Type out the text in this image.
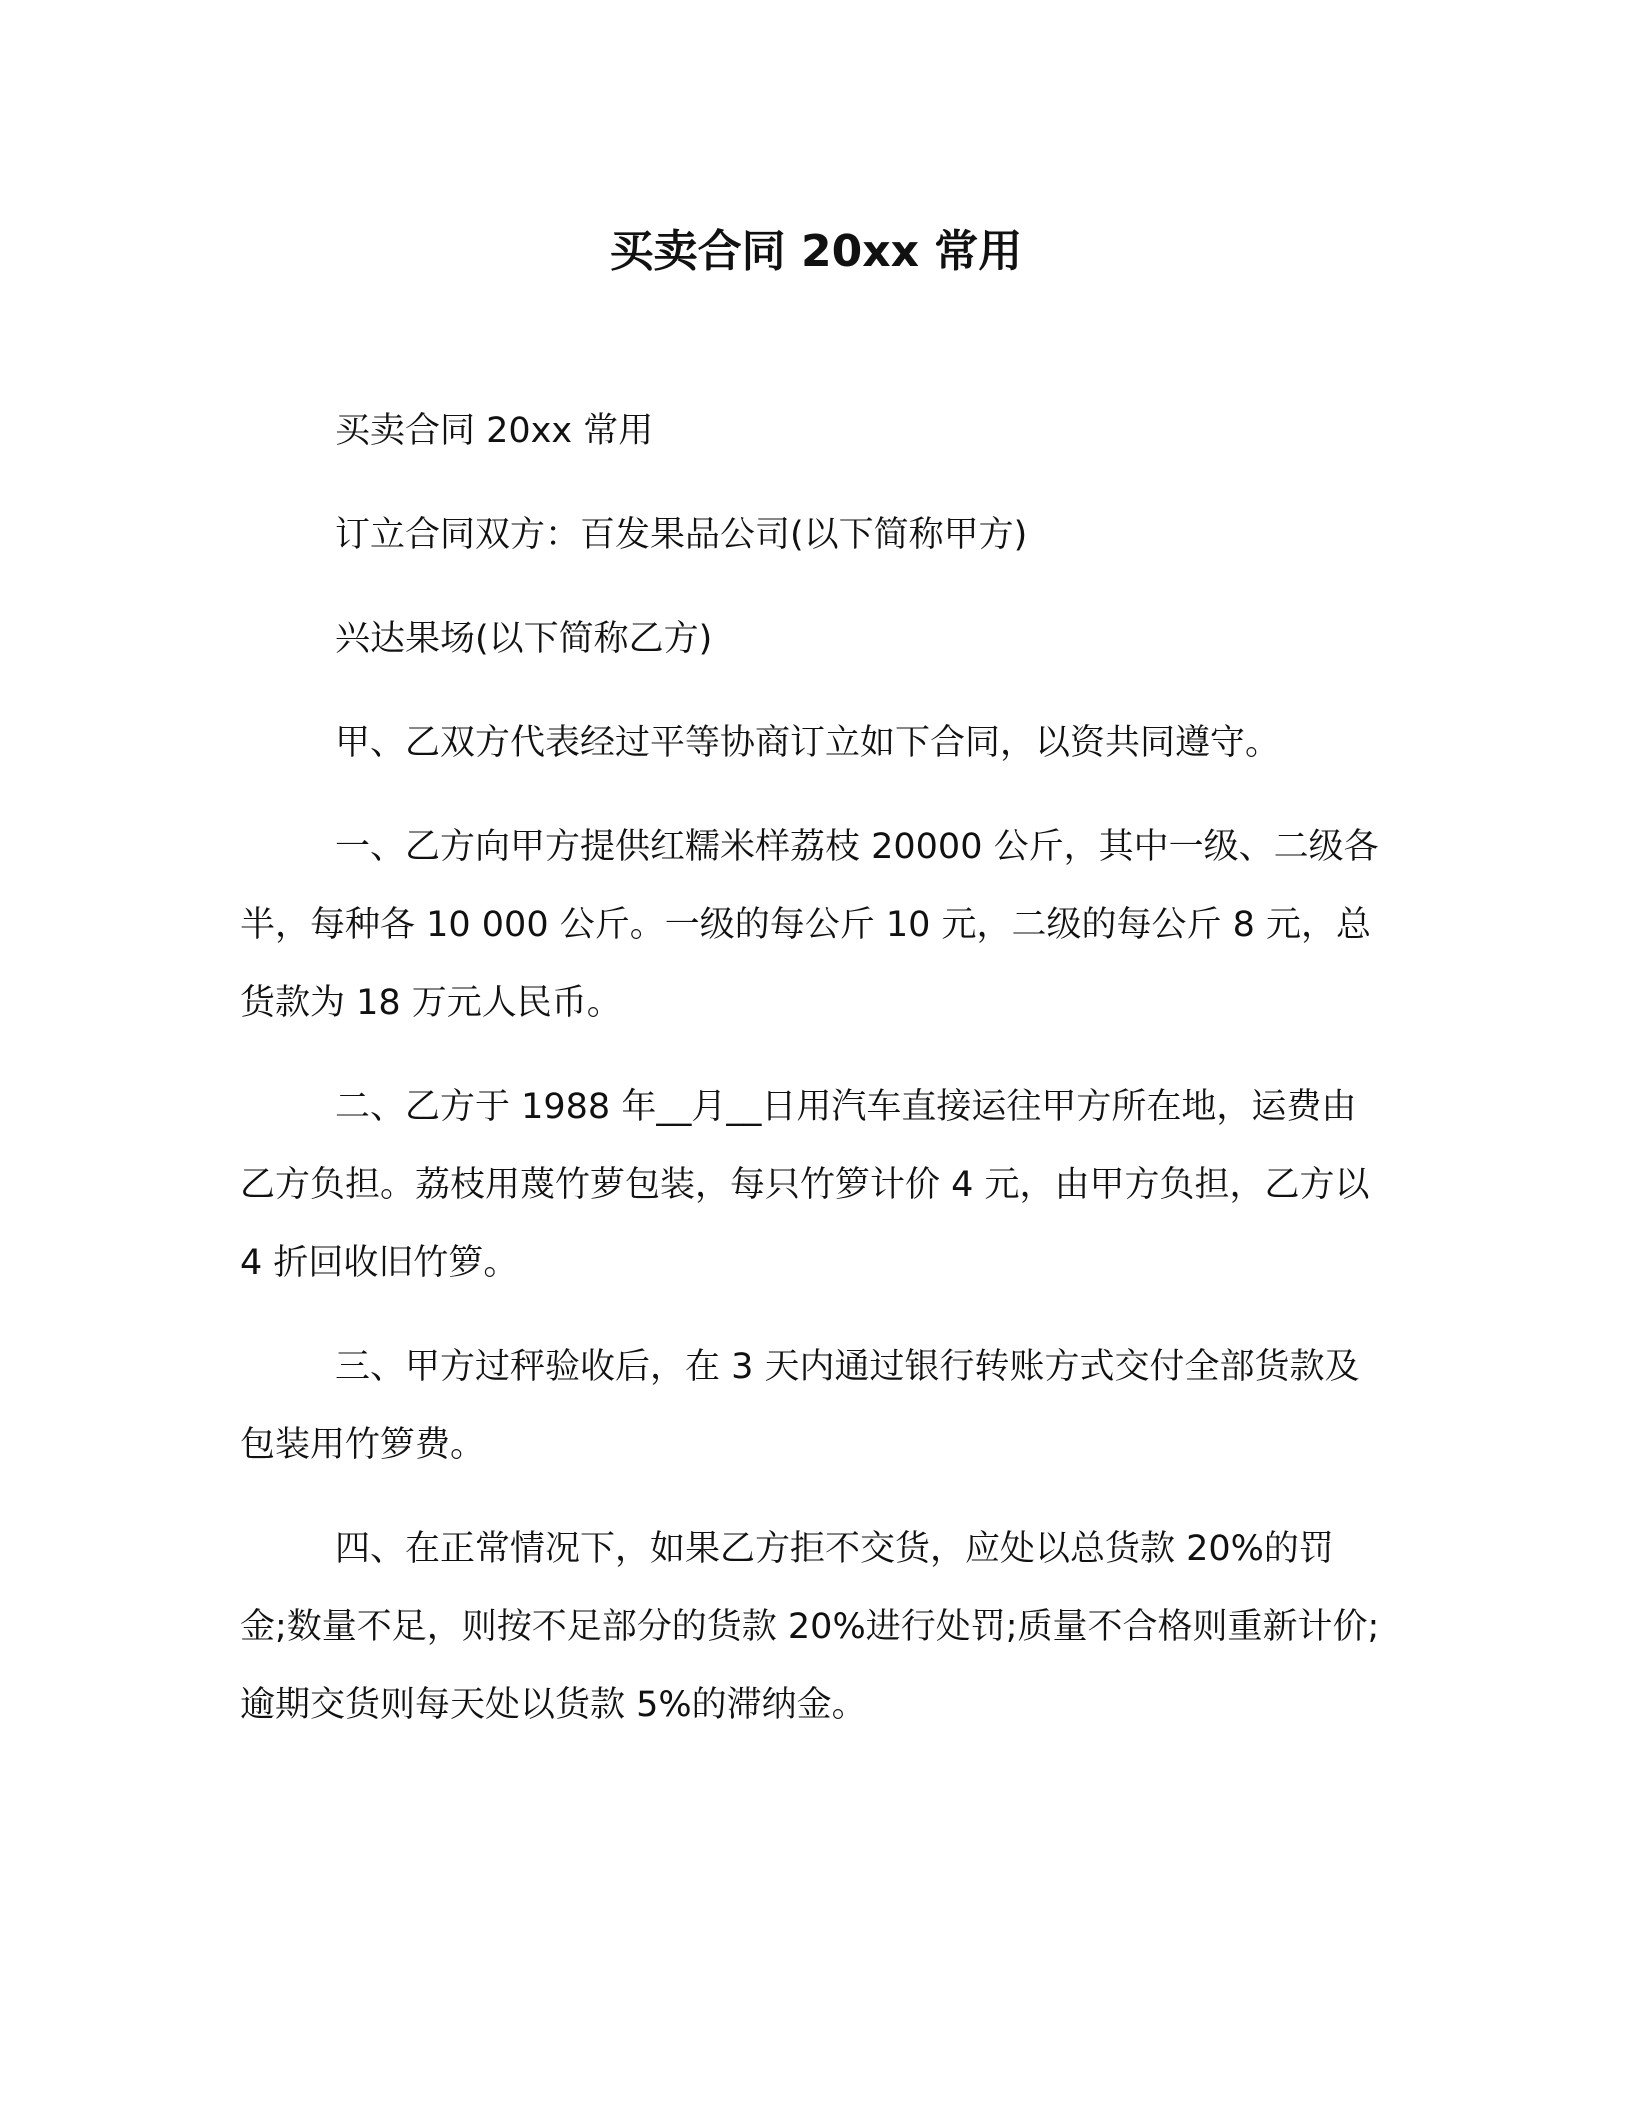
买卖合同 20xx 常用

买卖合同 20xx 常用

订立合同双方：百发果品公司(以下简称甲方)

兴达果场(以下简称乙方)

甲、乙双方代表经过平等协商订立如下合同，以资共同遵守。

一、乙方向甲方提供红糯米样荔枝 20000 公斤，其中一级、二级各半，每种各 10 000 公斤。一级的每公斤 10 元，二级的每公斤 8 元，总货款为 18 万元人民币。

二、乙方于 1988 年__月__日用汽车直接运往甲方所在地，运费由乙方负担。荔枝用蔑竹萝包装，每只竹箩计价 4 元，由甲方负担，乙方以 4 折回收旧竹箩。

三、甲方过秤验收后，在 3 天内通过银行转账方式交付全部货款及包装用竹箩费。

四、在正常情况下，如果乙方拒不交货，应处以总货款 20%的罚金;数量不足，则按不足部分的货款 20%进行处罚;质量不合格则重新计价;逾期交货则每天处以货款 5%的滞纳金。
